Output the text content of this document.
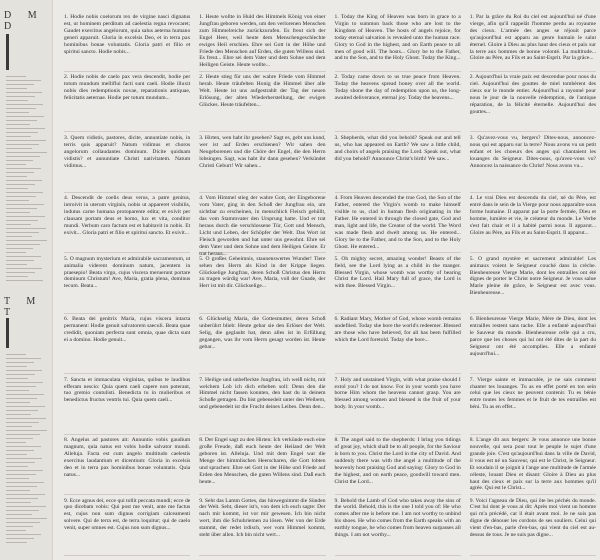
D M D
T M T
1. Hodie nobis coelorum rex de virgine nasci dignatus est, ut hominem perditum ad caelestia regna revocaret; Gaudet exercitus angelorum, quia salus aeterna humano generi apparuit. Gloria in excelsis Deo, et in terra pax hominibus bonae voluntatis. Gloria patri et filio et spiritui sancto. Hodie nobis...
1. Heute wollte in Huld des Himmels König von einer Jungfrau geboren werden, um den verlorenen Menschen zum Himmelreiche zurückzurufen. Es freut sich der Engel Heer, weil heute dem Menschengeschlechte ewiges Heil erschien. Ehre sei Gott in der Höhe und Friede den Menschen auf Erden, die guten Willens sind. Es freut... Ehre sei dem Vater und dem Sohne und dem Heiligen Geiste. Heute wollte...
1. Today the King of Heaven was born in grace to a Virgin to summon back those who are lost to the Kingdom of Heaven. The hosts of angels rejoice, for today eternal salvation is revealed unto the human race. Glory to God in the highest, and on Earth peace to all men of good will. The hosts... Glory be to the Father, and to the Son, and to the Holy Ghost. Today the King...
1. Par la grâce du Roi du ciel est aujourd'hui né d'une vierge, afin qu'il rappelât l'homme perdu au royaume des cieux. L'armée des anges se réjouit parce qu'aujourd'hui est apparu au genre humain le salut éternel. Gloire à Dieu au plus haut des cieux et paix sur la terre aux hommes de bonne volonté. La multitude... Gloire au Père, au Fils et au Saint-Esprit. Par la grâce...
2. Hodie nobis de caelo pax vera descendit, hodie per totum mundum melliflui facti sunt caeli. Hodie illuxit nobis dies redemptionis novae, reparationis antiquae, felicitatis aeternae. Hodie per totum mundum...
2. Heute stieg für uns der wahre Friede vom Himmel herab. Heute träufelten Honig die Himmel über alle Welt. Heute ist uns aufgestrahlt der Tag der neuen Erlösung, der alten Wiederherstellung, der ewigen Glückes. Heute träufelten...
2. Today came down to us true peace from Heaven. Today the heavens spread honey over all the world. Today shone the day of redemption upon us, the long-awaited deliverance, eternal joy. Today the heavens...
2. Aujourd'hui la vraie paix est descendue pour nous du ciel. Aujourd'hui des gouttes de miel tombèrent des cieux sur le monde entier. Aujourd'hui a rayonné pour nous le jour de la nouvelle rédemption, de l'antique réparation, de la félicité éternelle. Aujourd'hui des gouttes...
3. Quem vidistis, pastores, dicite, annuntiate nobis, in terris quis apparuit? Natum vidimus et choros angelorum collaudantes dominum. Dicite quidnam vidistis? et annuntiate Christi nativitatem. Natum vidimus...
3. Hirten, wen habt ihr gesehen? Sagt es, gebt uns kund, wer ist auf Erden erschienen? Wir sahen den Neugeborenen und die Chöre der Engel, die den Herrn lobsingen. Sagt, was habt ihr dann gesehen? Verkündet Christi Geburt! Wir sahen...
3. Shepherds, what did you behold? Speak out and tell us, who has appeared on Earth? We saw a little child, and choirs of angels praising the Lord. Speak out, what did you behold? Announce Christ's birth! We saw...
3. Qu'avez-vous vu, bergers? Dites-nous, annoncez-nous qui est apparu sur la terre? Nous avons vu un petit enfant et les choeurs des anges qui chantaient les louanges du Seigneur. Dites-nous, qu'avez-vous vu? Annoncez la naissance du Christ! Nous avons vu...
4. Descendit de coelis deus verus, a patre genitus, introivit in uterum virginis, nobis ut appareret visibilis, indutus carne humana protoparente edita; et exivit per clausam portam deus et homo, lux et vita, conditor mundi. Verbum caro factum est et habitavit in nobis. Et exivit... Gloria patri et filio et spiritui sancto. Et exivit...
4. Vom Himmel stieg der wahre Gott, der Eingeborene vom Vater, ging in den Schoß der Jungfrau ein, um sichtbar zu erscheinen, in menschlich Fleisch gehüllt, das vom Stammvater den Ursprung hatte. Und er trat heraus durch die verschlossene Tür, Gott und Mensch, Licht und Leben, der Schöpfer der Welt. Das Wort ist Fleisch geworden und hat unter uns gewohnt. Ehre sei dem Vater und dem Sohne und dem Heiligen Geiste. Er trat heraus...
4. From Heaven descended the true God, the Son of the Father, entered the Virgin's womb to make himself visible to us, clad in human flesh originating in the Father. He entered in through the closed gate, God and man, light and life, the Creator of the world. The Word was made flesh and dwelt among us. He entered... Glory be to the Father, and to the Son, and to the Holy Ghost. He entered...
4. Le vrai Dieu est descendu du ciel, né du Père, est entré dans le sein de la Vierge pour nous apparaître sous forme humaine. Il apparut par la porte fermée, Dieu et homme, lumière et vie, le créateur du monde. Le Verbe s'est fait chair et il a habité parmi nous. Il apparut... Gloire au Père, au Fils et au Saint-Esprit. Il apparut...
5. O magnum mysterium et admirabile sacramentum, ut animalia viderent dominum natum, jacentem in praesepio! Beata virgo, cujus viscera meruerunt portare dominum Christum! Ave, Maria, gratia plena, dominus tecum. Beata...
5. O großes Geheimnis, staunenswertes Wunder! Tiere sehen den Herrn als Kind in der Krippe liegen. Glückselige Jungfrau, deren Schoß Christus den Herrn zu tragen würdig war! Ave, Maria, voll der Gnade, der Herr ist mit dir. Glückselige...
5. Oh mighty secret, amazing wonder! Beasts of the field, see the Lord lying as a child in the manger. Blessed Virgin, whose womb was worthy of bearing Christ the Lord. Hail Mary full of grace, the Lord is with thee. Blessed Virgin...
5. O grand mystère et sacrement admirable! Les animaux voient le Seigneur couché dans la crèche. Bienheureuse Vierge Marie, dont les entrailles ont été dignes de porter le Christ notre Seigneur. Je vous salue Marie pleine de grâce, le Seigneur est avec vous. Bienheureuse...
6. Beata dei genitrix Maria, cujus viscera intacta permanent: Hodie genuit salvatorem saeculi. Beata quae credidit, quoniam perfecta sunt omnia, quae dicta sunt ei a domino. Hodie genuit...
6. Glückselig Maria, die Gottesmutter, deren Schoß unberührt blieb: Heute gebar sie den Erlöser der Welt. Selig, die geglaubt hat, denn alles ist in Erfüllung gegangen, was ihr vom Herrn gesagt worden ist. Heute gebar...
6. Radiant Mary, Mother of God, whose womb remains undefiled. Today she bore the world's redeemer. Blessed are those who have believed, for all has been fulfilled which the Lord foretold. Today she bore...
6. Bienheureuse Vierge Marie, Mère de Dieu, dont les entrailles restent sans tache. Elle a enfanté aujourd'hui le Sauveur du monde. Bienheureuse celle qui a cru, parce que les choses qui lui ont été dites de la part du Seigneur ont été accomplies. Elle a enfanté aujourd'hui...
7. Sancta et immaculata virginitas, quibus te laudibus efferam nescio: Quia quem caeli capere non poterant, tuo gremio contulisti. Benedicta tu in mulieribus et benedictus fructus ventris tui. Quia quem caeli...
7. Heilige und unbefleckte Jungfrau, ich weiß nicht, mit welchem Lob ich dich erheben soll: Denn den die Himmel nicht fassen konnten, den hast du in deinem Schoße getragen. Du bist gebenedeit unter den Weibern, und gebenedeit ist die Frucht deines Leibes. Denn den...
7. Holy and unstained Virgin, with what praise should I extol you? I do not know. For in your womb you have borne Him whom the heavens cannot grasp. You are blessed among women and blessed is the fruit of your body. In your womb...
7. Vierge sainte et immaculée, je ne sais comment chanter tes louanges. Tu as en effet porté en ton sein celui que les cieux ne peuvent contenir. Tu es bénie entre toutes les femmes et le fruit de tes entrailles est béni. Tu as en effet...
8. Angelus ad pastores ait: Annuntio vobis gaudium magnum, quia natus est vobis hodie salvator mundi. Alleluja. Facta est cum angelo multitudo caelestis exercitus laudantium et dicentium: Gloria in excelsis deo et in terra pax hominibus bonae voluntatis. Quia natus...
8. Der Engel sagt zu den Hirten: Ich verkünde euch eine große Freude, daß euch heute der Heiland der Welt geboren ist. Alleluja. Und mit dem Engel war die Menge der himmlischen Heerscharen, die Gott lobten und sprachen: Ehre sei Gott in der Höhe und Friede auf Erden den Menschen, die guten Willens sind. Daß euch heute...
8. The angel said to the shepherds: I bring you tidings of great joy, which shall be to all people, for the Saviour is born to you. Christ the Lord in the city of David. And suddenly there was with the angel a multitude of the heavenly host praising God and saying: Glory to God in the highest, and on earth peace, goodwill toward men. Christ the Lord...
8. L'ange dit aux bergers: Je vous annonce une bonne nouvelle, qui sera pour tout le peuple le sujet d'une grande joie. C'est qu'aujourd'hui dans la ville de David, il vous est né un Sauveur, qui est le Christ, le Seigneur. Et soudain il se joignit à l'ange une multitude de l'armée céleste, louant Dieu et disant: Gloire à Dieu au plus haut des cieux et paix sur la terre aux hommes qu'il agrée. Qui est le Christ...
9. Ecce agnus dei, ecce qui tollit peccata mundi; ecce de quo dicebam vobis: Qui post me venit, ante me factus est, cujus non sum dignus corrigiam calceamenti solvere. Qui de terra est, de terra loquitur; qui de caelo venit, super omnes est. Cujus non sum dignus...
9. Seht das Lamm Gottes, das hinwegnimmt die Sünden der Welt. Seht, dieser ist's, von dem ich euch sagte: Der nach mir kommt, ist vor mir gewesen. Ich bin nicht wert, ihm die Schuhriemen zu lösen. Wer von der Erde stammt, der redet irdisch, wer vom Himmel kommt, steht über allen. Ich bin nicht wert...
9. Behold the Lamb of God who takes away the sins of the world. Behold, this is the one I told you of: He who comes after me is before me. I am not worthy to unbind his shoes. He who comes from the Earth speaks with an earthly tongue, he who comes from heaven surpasses all things. I am not worthy...
9. Voici l'agneau de Dieu, qui ôte les péchés du monde. C'est lui dont je vous ai dit: Après moi vient un homme qui m'a précédé, car il était avant moi. Je ne suis pas digne de dénouer les cordons de ses souliers. Celui qui vient d'en-bas, parle d'en-bas, qui vient du ciel est au-dessus de tous. Je ne suis pas digne...
